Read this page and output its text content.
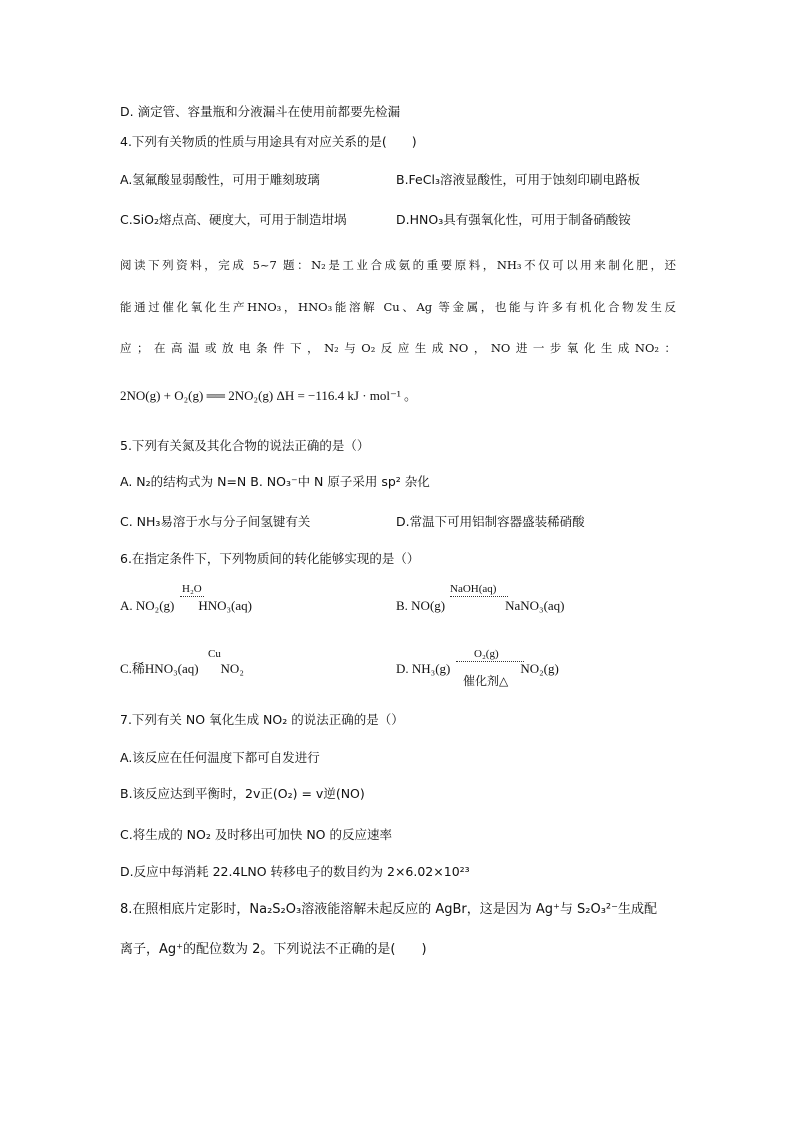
D. 滴定管、容量瓶和分液漏斗在使用前都要先检漏
4.下列有关物质的性质与用途具有对应关系的是(　　)
A.氢氟酸显弱酸性，可用于雕刻玻璃	B.FeCl₃溶液显酸性，可用于蚀刻印刷电路板
C.SiO₂熔点高、硬度大，可用于制造坩埚	D.HNO₃具有强氧化性，可用于制备硝酸铵
阅读下列资料，完成 5~7 题：N₂是工业合成氨的重要原料，NH₃不仅可以用来制化肥，还
能通过催化氧化生产HNO₃，HNO₃能溶解 Cu、Ag 等金属，也能与许多有机化合物发生反
应；在高温或放电条件下，N₂与O₂反应生成NO，NO进一步氧化生成NO₂：
2NO(g) + O₂(g) ══ 2NO₂(g) ΔH = −116.4 kJ · mol⁻¹ 。
5.下列有关氮及其化合物的说法正确的是（）
A. N₂的结构式为 N=N B. NO₃⁻中 N 原子采用 sp² 杂化
C. NH₃易溶于水与分子间氢键有关	D.常温下可用铝制容器盛装稀硝酸
6.在指定条件下，下列物质间的转化能够实现的是（）
A. NO₂(g) HNO₃(aq)
H₂O
B. NO(g)	NaNO₃(aq)
NaOH(aq)
C.稀HNO₃(aq) NO₂
Cu
D. NH₃(g)	NO₂(g)
O₂(g)
催化剂△
7.下列有关 NO 氧化生成 NO₂ 的说法正确的是（）
A.该反应在任何温度下都可自发进行
B.该反应达到平衡时，2v正(O₂) = v逆(NO)
C.将生成的 NO₂ 及时移出可加快 NO 的反应速率
D.反应中每消耗 22.4LNO 转移电子的数目约为 2×6.02×10²³
8.在照相底片定影时，Na₂S₂O₃溶液能溶解未起反应的 AgBr，这是因为 Ag⁺与 S₂O₃²⁻生成配
离子，Ag⁺的配位数为 2。下列说法不正确的是(　　)
